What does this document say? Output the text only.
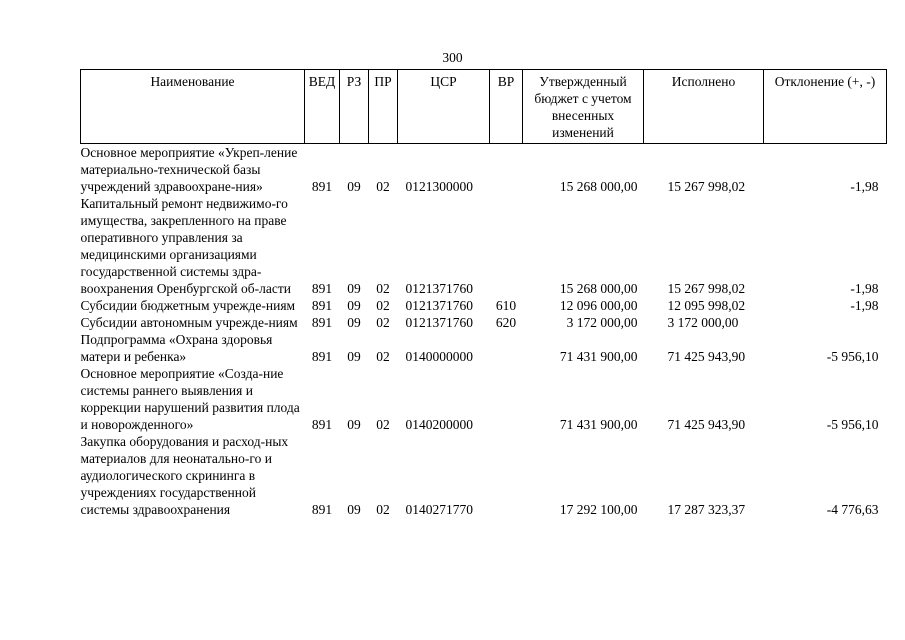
300
Наименование	ВЕД	РЗ	ПР	ЦСР	ВР	Утвержденный бюджет с учетом внесенных изменений	Исполнено	Отклонение (+, -)
Основное мероприятие «Укреп-ление материально-технической базы учреждений здравоохране-ния»	891	09	02	0121300000		15 268 000,00	15 267 998,02	-1,98
Капитальный ремонт недвижимо-го имущества, закрепленного на праве оперативного управления за медицинскими организациями государственной системы здра-воохранения Оренбургской об-ласти	891	09	02	0121371760		15 268 000,00	15 267 998,02	-1,98
Субсидии бюджетным учрежде-ниям	891	09	02	0121371760	610	12 096 000,00	12 095 998,02	-1,98
Субсидии автономным учрежде-ниям	891	09	02	0121371760	620	3 172 000,00	3 172 000,00	
Подпрограмма «Охрана здоровья матери и ребенка»	891	09	02	0140000000		71 431 900,00	71 425 943,90	-5 956,10
Основное мероприятие «Созда-ние системы раннего выявления и коррекции нарушений развития плода и новорожденного»	891	09	02	0140200000		71 431 900,00	71 425 943,90	-5 956,10
Закупка оборудования и расход-ных материалов для неонатально-го и аудиологического скрининга в учреждениях государственной системы здравоохранения	891	09	02	0140271770		17 292 100,00	17 287 323,37	-4 776,63
